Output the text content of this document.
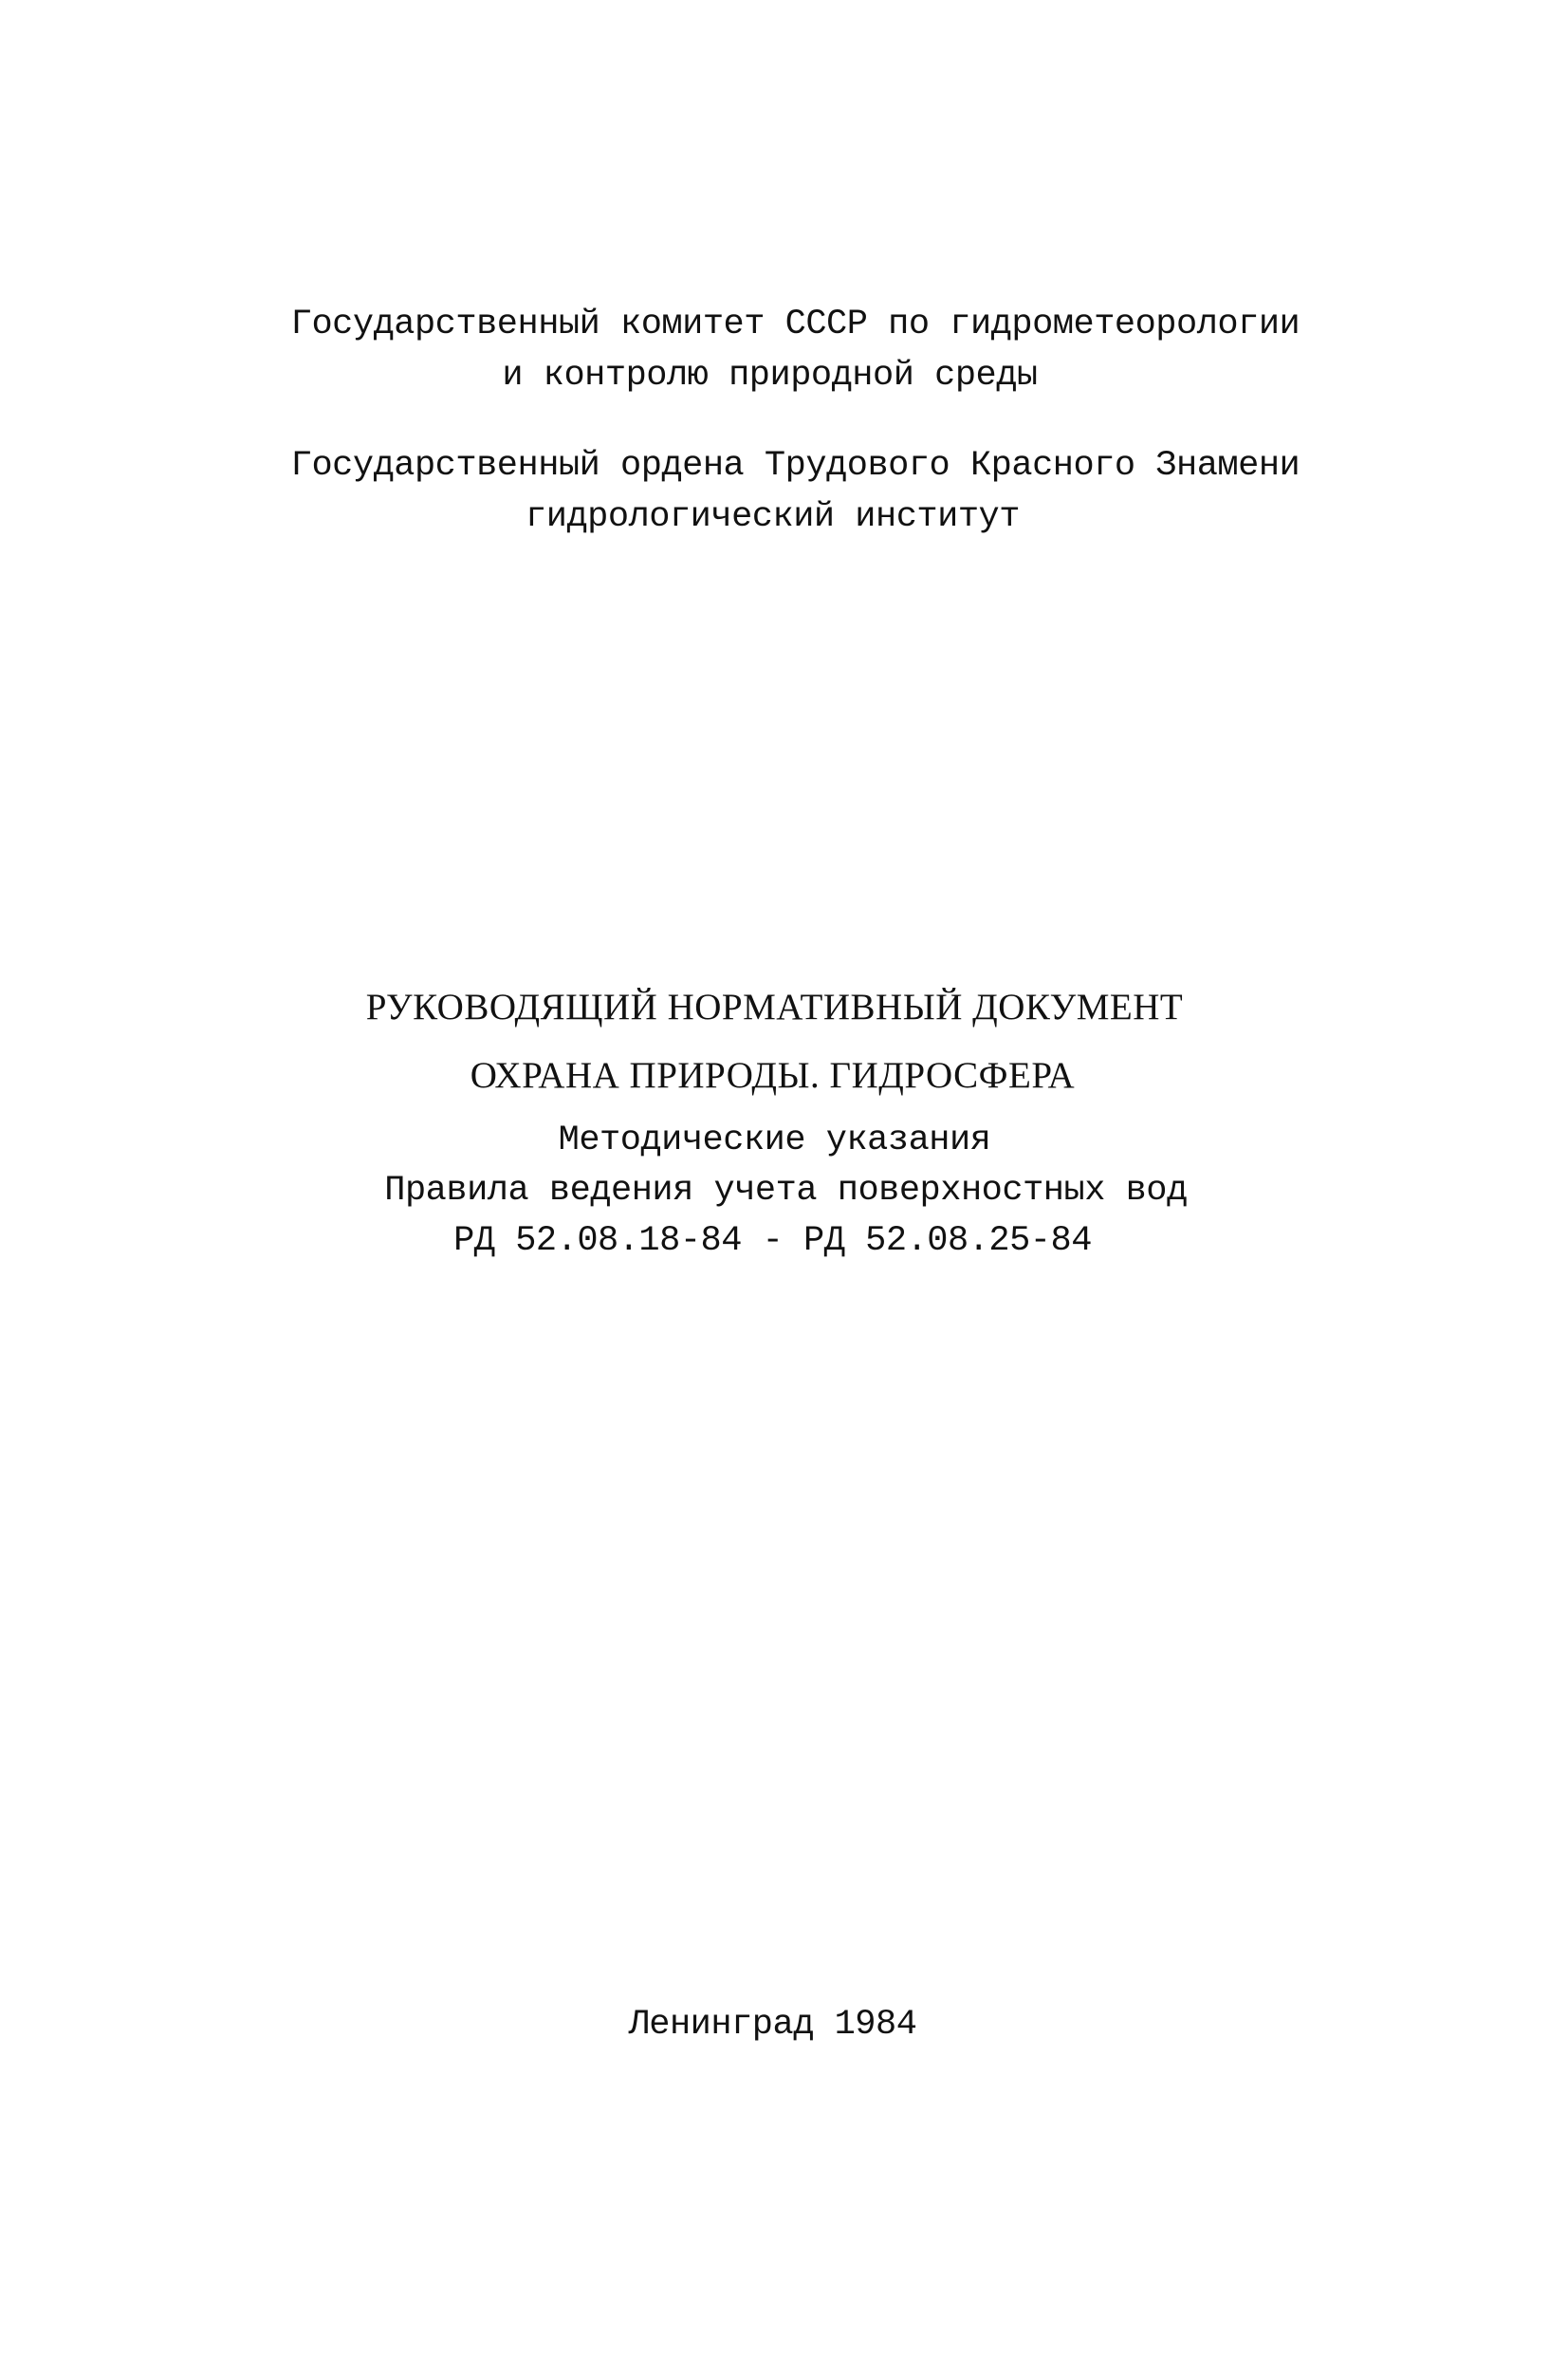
Государственный комитет СССР по гидрометеорологии
и контролю природной среды
Государственный ордена Трудового Красного Знамени
гидрологический институт
РУКОВОДЯЩИЙ НОРМАТИВНЫЙ ДОКУМЕНТ
ОХРАНА ПРИРОДЫ. ГИДРОСФЕРА
Методические указания
Правила ведения учета поверхностных вод
РД 52.08.18-84 - РД 52.08.25-84
Ленинград 1984
